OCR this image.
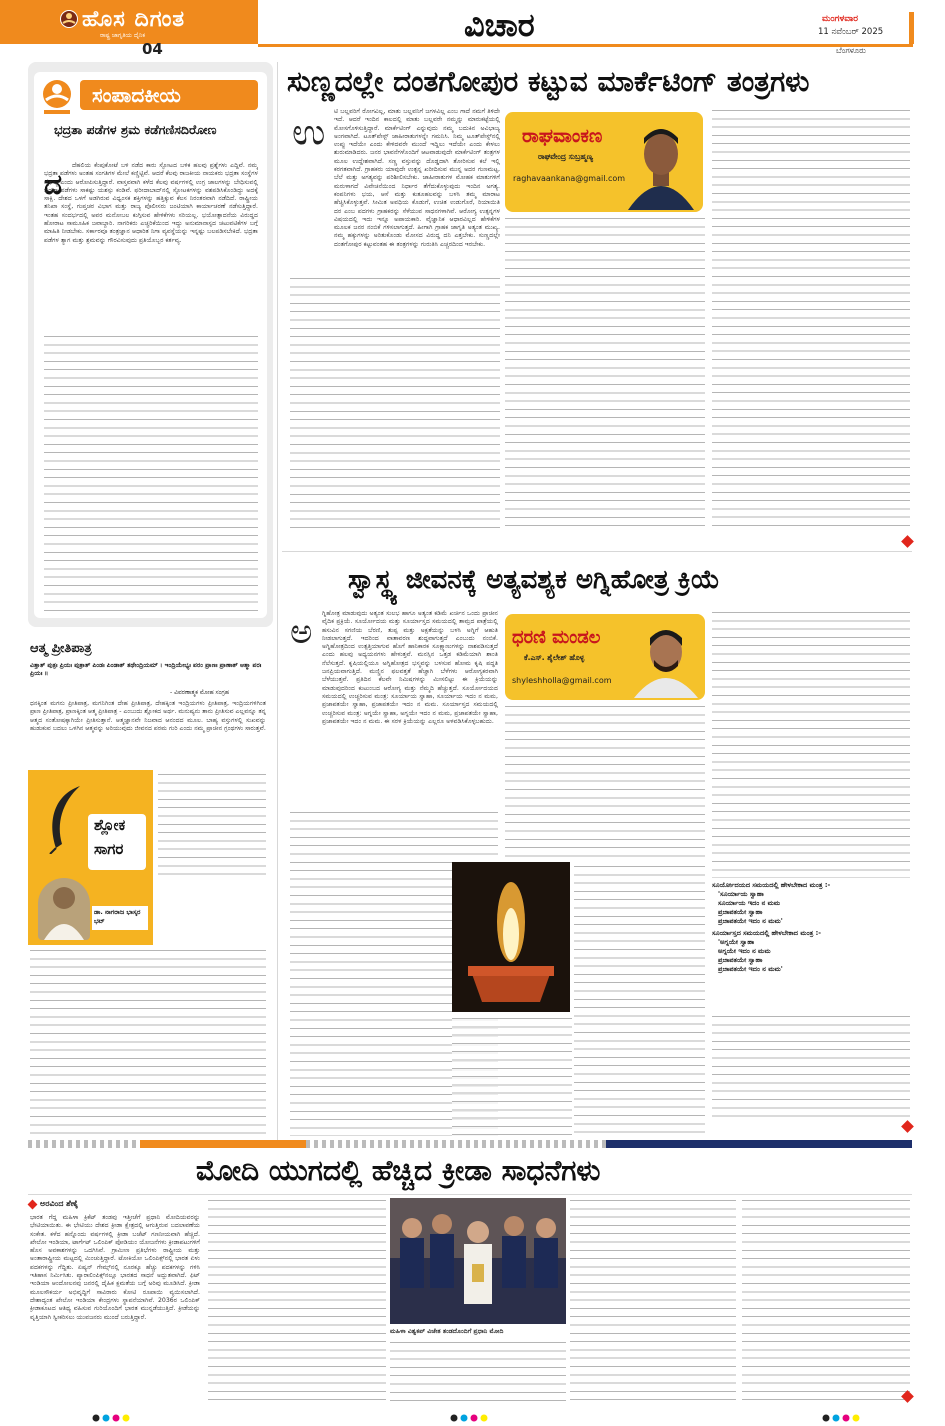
ಹೊಸ ದಿಗಂತ
ರಾಷ್ಟ್ರ ಜಾಗೃತಿಯ ದೈನಿಕ
04
ವಿಚಾರ	ಮಂಗಳವಾರ
11 ನವೆಂಬರ್ 2025
ಬೆಂಗಳೂರು
ಸಂಪಾದಕೀಯ
ಭದ್ರತಾ ಪಡೆಗಳ ಶ್ರಮ ಕಡೆಗಣಿಸದಿರೋಣ
ದ
ದೆಹಲಿಯ ಕೆಂಪುಕೋಟೆ ಬಳಿ ನಡೆದ ಕಾರು ಸ್ಫೋಟದ ಬಳಿಕ ಹಲವು ಪ್ರಶ್ನೆಗಳು ಎದ್ದಿವೆ. ನಮ್ಮ ಭದ್ರತಾ ಪಡೆಗಳು ಅಂತಹ ಸಂಗತಿಗಳ ಮೇಲೆ ಕಣ್ಣಿಟ್ಟಿವೆ. ಆದರೆ ಕೆಲವು ರಾಜಕೀಯ ನಾಯಕರು ಭದ್ರತಾ ಸಂಸ್ಥೆಗಳ ವೈಫಲ್ಯ ಎಂದು ಆರೋಪಿಸುತ್ತಿದ್ದಾರೆ. ವಾಸ್ತವವಾಗಿ ಕಳೆದ ಕೆಲವು ವರ್ಷಗಳಲ್ಲಿ ಉಗ್ರ ಜಾಲಗಳನ್ನು ಬೇಧಿಸುವಲ್ಲಿ ಭದ್ರತಾ ಪಡೆಗಳು ಸಾಕಷ್ಟು ಯಶಸ್ಸು ಕಂಡಿವೆ. ಫರೀದಾಬಾದ್‌ನಲ್ಲಿ ಸ್ಫೋಟಕಗಳನ್ನು ವಶಪಡಿಸಿಕೊಂಡಿದ್ದು ಅದಕ್ಕೆ ಸಾಕ್ಷಿ. ದೇಶದ ಒಳಗೆ ಅಡಗಿರುವ ವಿಧ್ವಂಸಕ ಶಕ್ತಿಗಳನ್ನು ಹತ್ತಿಕ್ಕುವ ಕೆಲಸ ನಿರಂತರವಾಗಿ ನಡೆದಿದೆ. ರಾಷ್ಟ್ರೀಯ ತನಿಖಾ ಸಂಸ್ಥೆ, ಗುಪ್ತಚರ ವಿಭಾಗ ಮತ್ತು ರಾಜ್ಯ ಪೊಲೀಸರು ಜಂಟಿಯಾಗಿ ಕಾರ್ಯಾಚರಣೆ ನಡೆಸುತ್ತಿದ್ದಾರೆ. ಇಂತಹ ಸಂದರ್ಭದಲ್ಲಿ ಅವರ ಮನೋಬಲ ಕುಗ್ಗಿಸುವ ಹೇಳಿಕೆಗಳು ಸರಿಯಲ್ಲ. ಭಯೋತ್ಪಾದನೆಯ ವಿರುದ್ಧದ ಹೋರಾಟ ಸಾಮೂಹಿಕ ಜವಾಬ್ದಾರಿ. ನಾಗರಿಕರು ಎಚ್ಚರಿಕೆಯಿಂದ ಇದ್ದು ಅನುಮಾನಾಸ್ಪದ ಚಟುವಟಿಕೆಗಳ ಬಗ್ಗೆ ಮಾಹಿತಿ ನೀಡಬೇಕು. ಸರ್ಕಾರವೂ ತಂತ್ರಜ್ಞಾನ ಆಧಾರಿತ ನಿಗಾ ವ್ಯವಸ್ಥೆಯನ್ನು ಇನ್ನಷ್ಟು ಬಲಪಡಿಸಬೇಕಿದೆ. ಭದ್ರತಾ ಪಡೆಗಳ ತ್ಯಾಗ ಮತ್ತು ಶ್ರಮವನ್ನು ಗೌರವಿಸುವುದು ಪ್ರತಿಯೊಬ್ಬರ ಕರ್ತವ್ಯ.
ಆತ್ಮ ಪ್ರೀತಿಪಾತ್ರ
ವಿತ್ತಾತ್ ಪುತ್ರಃ ಪ್ರಿಯಃ ಪುತ್ರಾತ್ ಪಿಂಡಃ ಪಿಂಡಾತ್ ತಥೇಂದ್ರಿಯಮ್ । ಇಂದ್ರಿಯೇಭ್ಯಃ ಪರಂ ಪ್ರಾಣಃ ಪ್ರಾಣಾತ್ ಆತ್ಮಾ ಪರಃ ಪ್ರಿಯಃ ॥
- ವಿವರಣಾತ್ಮಕ ಮೋಹ ಸಂಗ್ರಹ
ಧನಕ್ಕಿಂತ ಮಗನು ಪ್ರೀತಿಪಾತ್ರ, ಮಗನಿಗಿಂತ ದೇಹ ಪ್ರೀತಿಪಾತ್ರ, ದೇಹಕ್ಕಿಂತ ಇಂದ್ರಿಯಗಳು ಪ್ರೀತಿಪಾತ್ರ, ಇಂದ್ರಿಯಗಳಿಗಿಂತ ಪ್ರಾಣ ಪ್ರೀತಿಪಾತ್ರ, ಪ್ರಾಣಕ್ಕಿಂತ ಆತ್ಮ ಪ್ರೀತಿಪಾತ್ರ - ಎಂಬುದು ಶ್ಲೋಕದ ಅರ್ಥ. ಮನುಷ್ಯನು ತಾನು ಪ್ರೀತಿಸುವ ಎಲ್ಲವನ್ನೂ ತನ್ನ ಆತ್ಮದ ಸಂತೋಷಕ್ಕಾಗಿಯೇ ಪ್ರೀತಿಸುತ್ತಾನೆ. ಆತ್ಮಜ್ಞಾನವೇ ನಿಜವಾದ ಆನಂದದ ಮೂಲ. ಬಾಹ್ಯ ವಸ್ತುಗಳಲ್ಲಿ ಸುಖವನ್ನು ಹುಡುಕುವ ಬದಲು ಒಳಗಿನ ಆತ್ಮವನ್ನು ಅರಿಯುವುದು ಜೀವನದ ಪರಮ ಗುರಿ ಎಂದು ನಮ್ಮ ಪ್ರಾಚೀನ ಗ್ರಂಥಗಳು ಸಾರುತ್ತವೆ.
ಶ್ಲೋಕ
ಸಾಗರ
ಡಾ. ನಾಗರಾಜ ಭಾಸ್ಕರ ಭಟ್
ಸುಣ್ಣದಲ್ಲೇ ದಂತಗೋಪುರ ಕಟ್ಟುವ ಮಾರ್ಕೆಟಿಂಗ್ ತಂತ್ರಗಳು
ಉ
ಟಿ ಬಲ್ಲವರಿಗೆ ರೋಗವಿಲ್ಲ, ಮಾತು ಬಲ್ಲವನಿಗೆ ಜಗಳವಿಲ್ಲ ಎಂಬ ಗಾದೆ ನಮಗೆ ತಿಳಿದೇ ಇದೆ. ಆದರೆ ಇಂದಿನ ಕಾಲದಲ್ಲಿ ಮಾತು ಬಲ್ಲವರೇ ನಮ್ಮನ್ನು ಮಾರುಕಟ್ಟೆಯಲ್ಲಿ ಮೋಸಗೊಳಿಸುತ್ತಿದ್ದಾರೆ. ಮಾರ್ಕೆಟಿಂಗ್ ಎನ್ನುವುದು ನಮ್ಮ ಬದುಕಿನ ಅವಿಭಾಜ್ಯ ಅಂಗವಾಗಿದೆ. ಟೂತ್‌ಪೇಸ್ಟ್ ಜಾಹೀರಾತುಗಳನ್ನೇ ಗಮನಿಸಿ. ನಿಮ್ಮ ಟೂತ್‌ಪೇಸ್ಟ್‌ನಲ್ಲಿ ಉಪ್ಪು ಇದೆಯೇ ಎಂದು ಕೇಳಿದವರೇ ಮುಂದೆ ಇದ್ದಿಲು ಇದೆಯೇ ಎಂದು ಕೇಳಲು ಶುರುಮಾಡಿದರು. ಜನರ ಭಾವನೆಗಳೊಂದಿಗೆ ಆಟವಾಡುವುದೇ ಮಾರ್ಕೆಟಿಂಗ್ ತಂತ್ರಗಳ ಮೂಲ ಉದ್ದೇಶವಾಗಿದೆ. ಸಣ್ಣ ವಸ್ತುವನ್ನು ದೊಡ್ಡದಾಗಿ ತೋರಿಸುವ ಕಲೆ ಇಲ್ಲಿ ಕರಗತವಾಗಿದೆ. ಗ್ರಾಹಕರು ಯಾವುದೇ ಉತ್ಪನ್ನ ಖರೀದಿಸುವ ಮುನ್ನ ಅದರ ಗುಣಮಟ್ಟ, ಬೆಲೆ ಮತ್ತು ಅಗತ್ಯವನ್ನು ಪರಿಶೀಲಿಸಬೇಕು. ಜಾಹೀರಾತುಗಳ ಮೋಹಕ ಮಾತುಗಳಿಗೆ ಮರುಳಾಗದೆ ವಿವೇಚನೆಯಿಂದ ನಿರ್ಧಾರ ತೆಗೆದುಕೊಳ್ಳುವುದು ಇಂದಿನ ಅಗತ್ಯ. ಕಂಪನಿಗಳು ಭಯ, ಆಸೆ ಮತ್ತು ಕುತೂಹಲವನ್ನು ಬಳಸಿ ತಮ್ಮ ಮಾರಾಟ ಹೆಚ್ಚಿಸಿಕೊಳ್ಳುತ್ತವೆ. ಸೀಮಿತ ಅವಧಿಯ ಕೊಡುಗೆ, ಉಚಿತ ಉಡುಗೊರೆ, ರಿಯಾಯಿತಿ ದರ ಎಂಬ ಪದಗಳು ಗ್ರಾಹಕರನ್ನು ಸೆಳೆಯುವ ಸಾಧನಗಳಾಗಿವೆ. ಆರೋಗ್ಯ ಉತ್ಪನ್ನಗಳ ವಿಷಯದಲ್ಲಿ ಇದು ಇನ್ನೂ ಅಪಾಯಕಾರಿ. ವೈಜ್ಞಾನಿಕ ಆಧಾರವಿಲ್ಲದ ಹೇಳಿಕೆಗಳ ಮೂಲಕ ಜನರ ನಂಬಿಕೆ ಗಳಿಸಲಾಗುತ್ತದೆ. ಹೀಗಾಗಿ ಗ್ರಾಹಕ ಜಾಗೃತಿ ಅತ್ಯಂತ ಮುಖ್ಯ. ನಮ್ಮ ಹಕ್ಕುಗಳನ್ನು ಅರಿತುಕೊಂಡು ಮೋಸದ ವಿರುದ್ಧ ದನಿ ಎತ್ತಬೇಕು. ಸುಣ್ಣದಲ್ಲೇ ದಂತಗೋಪುರ ಕಟ್ಟುವಂತಹ ಈ ತಂತ್ರಗಳನ್ನು ಗುರುತಿಸಿ ಎಚ್ಚರದಿಂದ ಇರಬೇಕು.
ರಾಘವಾಂಕಣ
ರಾಘವೇಂದ್ರ ಸುಬ್ರಹ್ಮಣ್ಯ
raghavaankana@gmail.com
ಸ್ವಾಸ್ಥ್ಯ ಜೀವನಕ್ಕೆ ಅತ್ಯವಶ್ಯಕ ಅಗ್ನಿಹೋತ್ರ ಕ್ರಿಯೆ
ಅ ಗ್ನಿಹೋತ್ರ ಮಾಡುವುದು ಅತ್ಯಂತ ಸುಲಭ ಹಾಗೂ ಅತ್ಯಂತ ಕಡಿಮೆ ಖರ್ಚಿನ ಒಂದು ಪ್ರಾಚೀನ ವೈದಿಕ ಪ್ರಕ್ರಿಯೆ. ಸೂರ್ಯೋದಯ ಮತ್ತು ಸೂರ್ಯಾಸ್ತದ ಸಮಯದಲ್ಲಿ ತಾಮ್ರದ ಪಾತ್ರೆಯಲ್ಲಿ ಹಸುವಿನ ಸಗಣಿಯ ಬೆರಣಿ, ತುಪ್ಪ ಮತ್ತು ಅಕ್ಷತೆಯನ್ನು ಬಳಸಿ ಅಗ್ನಿಗೆ ಆಹುತಿ ನೀಡಲಾಗುತ್ತದೆ. ಇದರಿಂದ ವಾತಾವರಣ ಶುದ್ಧವಾಗುತ್ತದೆ ಎಂಬುದು ನಂಬಿಕೆ. ಅಗ್ನಿಹೋತ್ರದಿಂದ ಉತ್ಪತ್ತಿಯಾಗುವ ಹೊಗೆ ಹಾನಿಕಾರಕ ಸೂಕ್ಷ್ಮಾಣುಗಳನ್ನು ನಾಶಪಡಿಸುತ್ತದೆ ಎಂದು ಹಲವು ಅಧ್ಯಯನಗಳು ಹೇಳುತ್ತವೆ. ಮನಸ್ಸಿನ ಒತ್ತಡ ಕಡಿಮೆಯಾಗಿ ಶಾಂತಿ ನೆಲೆಸುತ್ತದೆ. ಕೃಷಿಯಲ್ಲಿಯೂ ಅಗ್ನಿಹೋತ್ರದ ಭಸ್ಮವನ್ನು ಬಳಸುವ ಹೋಮ ಕೃಷಿ ಪದ್ಧತಿ ಜನಪ್ರಿಯವಾಗುತ್ತಿದೆ. ಮಣ್ಣಿನ ಫಲವತ್ತತೆ ಹೆಚ್ಚಾಗಿ ಬೆಳೆಗಳು ಆರೋಗ್ಯಕರವಾಗಿ ಬೆಳೆಯುತ್ತವೆ. ಪ್ರತಿದಿನ ಕೆಲವೇ ನಿಮಿಷಗಳನ್ನು ಮೀಸಲಿಟ್ಟು ಈ ಕ್ರಿಯೆಯನ್ನು ಮಾಡುವುದರಿಂದ ಕುಟುಂಬದ ಆರೋಗ್ಯ ಮತ್ತು ನೆಮ್ಮದಿ ಹೆಚ್ಚುತ್ತದೆ. ಸೂರ್ಯೋದಯದ ಸಮಯದಲ್ಲಿ ಉಚ್ಚರಿಸುವ ಮಂತ್ರ: ಸೂರ್ಯಾಯ ಸ್ವಾಹಾ, ಸೂರ್ಯಾಯ ಇದಂ ನ ಮಮ, ಪ್ರಜಾಪತಯೇ ಸ್ವಾಹಾ, ಪ್ರಜಾಪತಯೇ ಇದಂ ನ ಮಮ. ಸೂರ್ಯಾಸ್ತದ ಸಮಯದಲ್ಲಿ ಉಚ್ಚರಿಸುವ ಮಂತ್ರ: ಅಗ್ನಯೇ ಸ್ವಾಹಾ, ಅಗ್ನಯೇ ಇದಂ ನ ಮಮ, ಪ್ರಜಾಪತಯೇ ಸ್ವಾಹಾ, ಪ್ರಜಾಪತಯೇ ಇದಂ ನ ಮಮ. ಈ ಸರಳ ಕ್ರಿಯೆಯನ್ನು ಎಲ್ಲರೂ ಅಳವಡಿಸಿಕೊಳ್ಳಬಹುದು.
ಧರಣಿ ಮಂಡಲ
ಕೆ.ಎಸ್. ಶೈಲೇಶ್ ಹೊಳ್ಳ
shyleshholla@gmail.com
ಸೂರ್ಯೋದಯದ ಸಮಯದಲ್ಲಿ ಹೇಳಬೇಕಾದ ಮಂತ್ರ :-
'ಸೂರ್ಯಾಯ ಸ್ವಾಹಾ
ಸೂರ್ಯಾಯ ಇದಂ ನ ಮಮ
ಪ್ರಜಾಪತಯೇ ಸ್ವಾಹಾ
ಪ್ರಜಾಪತಯೇ ಇದಂ ನ ಮಮ'
ಸೂರ್ಯಾಸ್ತದ ಸಮಯದಲ್ಲಿ ಹೇಳಬೇಕಾದ ಮಂತ್ರ :-
'ಅಗ್ನಯೇ ಸ್ವಾಹಾ
ಅಗ್ನಯೇ ಇದಂ ನ ಮಮ
ಪ್ರಜಾಪತಯೇ ಸ್ವಾಹಾ
ಪ್ರಜಾಪತಯೇ ಇದಂ ನ ಮಮ'
ಮೋದಿ ಯುಗದಲ್ಲಿ ಹೆಚ್ಚಿದ ಕ್ರೀಡಾ ಸಾಧನೆಗಳು
ಅರವಿಂದ ಶೆಣೈ
ಭಾರತ ಗೆದ್ದ ಮಹಿಳಾ ಕ್ರಿಕೆಟ್ ತಂಡವು ಇತ್ತೀಚೆಗೆ ಪ್ರಧಾನಿ ಮೋದಿಯವರನ್ನು ಭೇಟಿಯಾಯಿತು. ಈ ಭೇಟಿಯು ದೇಶದ ಕ್ರೀಡಾ ಕ್ಷೇತ್ರದಲ್ಲಿ ಆಗುತ್ತಿರುವ ಬದಲಾವಣೆಯ ಸಂಕೇತ. ಕಳೆದ ಹನ್ನೊಂದು ವರ್ಷಗಳಲ್ಲಿ ಕ್ರೀಡಾ ಬಜೆಟ್ ಗಣನೀಯವಾಗಿ ಹೆಚ್ಚಿದೆ. ಖೇಲೋ ಇಂಡಿಯಾ, ಟಾರ್ಗೆಟ್ ಒಲಿಂಪಿಕ್ ಪೋಡಿಯಂ ಯೋಜನೆಗಳು ಕ್ರೀಡಾಪಟುಗಳಿಗೆ ಹೊಸ ಅವಕಾಶಗಳನ್ನು ಒದಗಿಸಿವೆ. ಗ್ರಾಮೀಣ ಪ್ರತಿಭೆಗಳು ರಾಷ್ಟ್ರೀಯ ಮತ್ತು ಅಂತಾರಾಷ್ಟ್ರೀಯ ಮಟ್ಟದಲ್ಲಿ ಮಿಂಚುತ್ತಿದ್ದಾರೆ. ಟೋಕಿಯೋ ಒಲಿಂಪಿಕ್ಸ್‌ನಲ್ಲಿ ಭಾರತ ಏಳು ಪದಕಗಳನ್ನು ಗೆದ್ದಿತು. ಏಷ್ಯನ್ ಗೇಮ್ಸ್‌ನಲ್ಲಿ ನೂರಕ್ಕೂ ಹೆಚ್ಚು ಪದಕಗಳನ್ನು ಗಳಿಸಿ ಇತಿಹಾಸ ನಿರ್ಮಿಸಿತು. ಪ್ಯಾರಾಲಿಂಪಿಕ್ಸ್‌ನಲ್ಲೂ ಭಾರತದ ಸಾಧನೆ ಅದ್ಭುತವಾಗಿದೆ. ಫಿಟ್ ಇಂಡಿಯಾ ಆಂದೋಲನವು ಜನರಲ್ಲಿ ದೈಹಿಕ ಕ್ಷಮತೆಯ ಬಗ್ಗೆ ಅರಿವು ಮೂಡಿಸಿದೆ. ಕ್ರೀಡಾ ಮೂಲಸೌಕರ್ಯ ಅಭಿವೃದ್ಧಿಗೆ ಸಾವಿರಾರು ಕೋಟಿ ರೂಪಾಯಿ ವ್ಯಯಿಸಲಾಗಿದೆ. ದೇಶಾದ್ಯಂತ ಖೇಲೋ ಇಂಡಿಯಾ ಕೇಂದ್ರಗಳು ಸ್ಥಾಪನೆಯಾಗಿವೆ. 2036ರ ಒಲಿಂಪಿಕ್ ಕ್ರೀಡಾಕೂಟದ ಆತಿಥ್ಯ ವಹಿಸುವ ಗುರಿಯೊಂದಿಗೆ ಭಾರತ ಮುನ್ನಡೆಯುತ್ತಿದೆ. ಕ್ರೀಡೆಯನ್ನು ವೃತ್ತಿಯಾಗಿ ಸ್ವೀಕರಿಸಲು ಯುವಜನರು ಮುಂದೆ ಬರುತ್ತಿದ್ದಾರೆ.
ಮಹಿಳಾ ವಿಶ್ವಕಪ್ ವಿಜೇತ ತಂಡದೊಂದಿಗೆ ಪ್ರಧಾನಿ ಮೋದಿ
